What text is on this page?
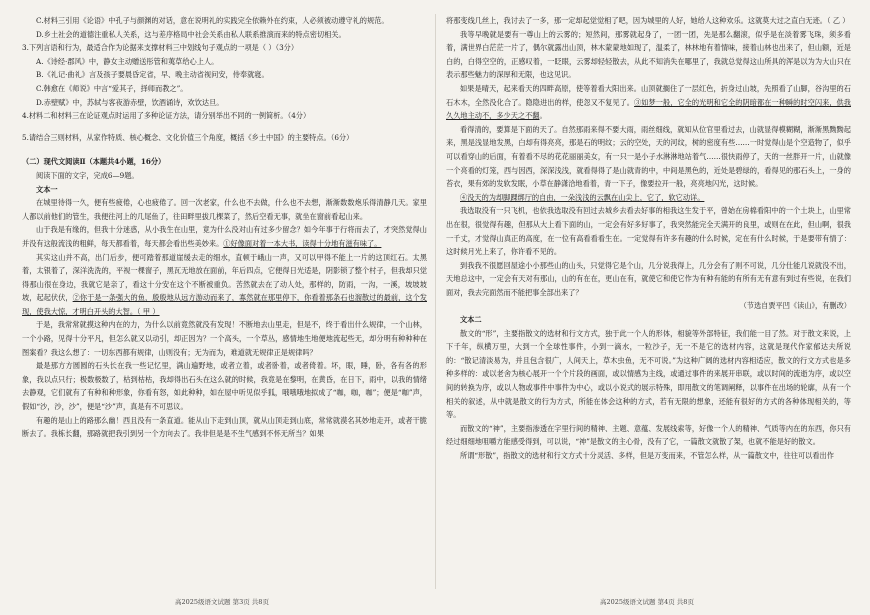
C.材料三引用《论语》中孔子与颜渊的对话，意在说明礼的实践完全依赖外在约束，人必须被动遵守礼的规范。

D.乡土社会的道德注重私人关系，这与差序格局中社会关系由私人联系推演而来的特点密切相关。

3.下列言语和行为，最适合作为论据来支撑材料三中划线句子观点的一项是（ ）（3分）

A.《诗经·郡风》中，静女主动赠送彤管和荑草给心上人。

B.《礼记·曲礼》言及孩子要晨昏定省，早、晚主动省视问安，侍奉就寝。

C.韩愈在《师说》中言“爱其子，择师而教之”。

D.赤壁赋》中，苏轼与客夜游赤壁，饮酒诵诗，欢饮达旦。

4.材料二和材料三在论证观点时运用了多种论证方法，请分别举出不同的一例简析。（4分）

5.请结合三则材料，从家作特质、核心概念、文化价值三个角度，概括《乡土中国》的主要特点。（6分）

（二）现代文阅读Ⅱ（本题共4小题，16分）

阅读下面的文字，完成6—9题。

文本一

在城里待得一久，便有些疲倦，心也疲倦了。回一次老家，什么也不去做，什么也不去想，渐渐数数炮乐得清静几天。家里人都以前他们的管生，我便往河上的几尾鱼了，往田畔里拔几棵菜了，然后空看无事，就坐在窗前看起山来。

山于我是有缘的，但我十分迷惑，从小我生在山里，竟为什么没对山有过多少留念？如今年事于行将而去了，才突然觉得山并没有这般流浅的粗鲜，每天都看着，每天都会看出些美妙来。①好像面对着一本大书，读得十分地有滋有味了。

其实这山并不高，出门后步，便可踏着那道崖缓去走的细水，直顿于峨山一声，又可以甲得不能上一片的这顶红石。太黑着，太银着了，深洋洗洗的，平视一棵窗子，黑瓦无地放在面前，年后四点，它便得日光适是，阴影锁了整个村子，但我却只觉得那山很在身边，我就它是亲了，看这十分安在这个不断被重负。苦然就去在了动人处，那样的，防雨，一沟，一溪，坡坡坡坡，起起伏伏，②你于是一条强大的鱼，殷殷地从远方游动而来了，寡然就在那里停下，你看着那条石也溜散过的最前，这个发现，使我大惊，才明白开头的大智。（ 甲 ）

于是，我常常就摸这种内在的力，为什么以前竟然就没有发现！不断地去山里走，但是不，终于看出什么规律，一个山林，一个小路，见得十分平凡，但怎么就又以动引，却正因为？一个高头，一个草丛，感情地生地便地流起些无，却分明有种种种在图案看？我这么想了：一切东西都有规律，山则没有；无为而为，难道就无规律正是规律吗？

最是那方方圆圆的石头长在我一些记忆里，满山遍野地，或者立着，或者卧着，或者倚着。坏，眼，睡，卧，各有各的形象，我以点只行；极数极数了，枯到枯枯，我却得出石头在这么就的时候，我竟是在黎明，在黄昏，在日下，雨中，以我的情绪去静观，它们就有了有种和种形象，你看有怒，如此种种，如在屋中听见似乎狐，哦哦哦地拟成了“咖，咖，咖”；便是“咖”声，假如“沙，沙，沙”，便是“沙”声，真是有不可思议。

有趣的是山上的路那么幽！西且没有一条直道。能从山下走到山顶，就从山顶走到山底，常常就漠名其妙地走开，或者干脆断去了。我栋长翻，那路就把我引到另一个方向去了。我非但是是不生气感到不怀无所当？如果

将那变线几丝上，我讨去了一多，那一定却起觉觉相了吧，因为城里的人好，她给人这种欢乐。这就莫大过之直白无迹。（ 乙 ）

我等早晚就是要有一尊山上的云雾的；短然间，那雾就起身了，一团一团，先是那么翻滚，似乎是在淡着雾飞珠，须多看着，满世界白茫茫一片了，偶尔就露出山顶，林木蒙蒙地如现了，温柔了，林林地有着情味，接着山林也出来了，但山额，近是白的，白得空空的，正感叹着，一眨眼，云雾却轻轻散去，从此不知消失在哪里了，我就总觉得这山所具的浑是以为为大山只在表示那些魅力的深厚和无限，也这见识。

如果是晴天，起来看天的四畔高原，使等着看大阳出来。山顶就搁住了一层红色，折身过山坡，先照看了山脚，谷沟里的石石木木，全然没化合了。隐隐进出的样，使忽又不复见了。③如梦一般，它全的光明和它全的阴暗都在一种瞬的时空闪来，供我久久地主动不，多少天之不翻。

看得清的，要算是下面的天了。自然那雨来得不要大雨，雨丝细线，就知从位官里看过去，山就显得模糊糊，渐渐黑黝黝起来，黑是浅显地发黑，白却有得亮亮，那是石的明纹；云的空处，天的河纹，树的密度有些……一时觉得山是个空造物了，似乎可以看穿山的后面，有着看不尽的花花丽丽美女，有一只一是小子水淋淋地站着气……很快雨停了，天的一丝胖开一片，山就像一个亮看的灯笼，西与因西，深深浅浅，就看得得了是山就青的中，中间是黑色的，近处是碧绿的，看得见的那石头上，一身的苔衣，果有郊的发软发眠，小草在静潇洽地看着，青一下子，像要拉开一般，亮亮地闪光，这时候。

④没天的为却脚踝绑厅的自由，一朵浅浅的云飘在山尖上，它了，软它动详。

我选取没有一只飞机，也依我选取没有回过去城乡去看去好事的相我这生发于平，曾始在房棉看阳中的一个土块上，山里常出在很，很觉得有趣，但那从大上看下面的山，一定会有好多好事了，我突然能完全天满开的良里，或则在在此，但山啊，很我一千丈，才觉得山真正的高度，在一位有高看看看生在。一定觉得有许多有趣的什么时候，定在有什么时候，于是要带有情了：这时候月光上来了，你许看不见的。

到我我不很愿回屋途小小那些山的山头，只觉得它是个山，几分说我得上，几分会有了则不可说，几分仕能几说就没不出，天地总这中，一定会有天对有那山，山的有在在，更山在有，就使它和使它作为有种有能的有所有无有意有到过有些说，在我们面对，我去完面然而不能把事全部出来了？

（节选自贾平凹《读山》，有删改）

文本二

散文的“形”，主要指散文的选材和行文方式，独于此一个人的形体，相貌等外部特征，我们能一目了然。对于散文来说，上下千年，纵横万里，大到一个全球性事件，小到一滴水，一粒沙子，无一不是它的选材内容，这就是现代作家郁达夫所说的：“散记清淡易为，并且包含很广，人间天上，草木虫鱼，无不可说。”为这种广阔的选材内容相适应，散文的行文方式也是多种多样的：或以老舍为核心展开一个个片段的画面，或以情感为主线，或通过事件的来展开串联，或以时间的流逝为序，或以空间的转换为序，或以人物或事件中事件为中心，或以小说式的展示特殊，即用散文的笔调阐释，以事件在出场的轮廓，从有一个相关的叙述，从中就是散文的行为方式，所能在体会这种的方式，若有无限的想象，还能有很好的方式的各种体现相关的，等等。

而散文的“神”，主要指渗透在字里行间的精神、主题、意蕴、发展线索等，好像一个人的精神、气质等内在的东西，你只有经过细细地咀嚼方能感受得到，可以说，“神”是散文的主心骨，没有了它，一篇散文就散了架，也就不能是好的散文。

所谓“形散”，指散文的选材和行文方式十分灵活、多样，但是万变而来，不管怎么样，从一篇散文中，往往可以看出作

高2025级语文试题 第3页 共8页	高2025级语文试题 第4页 共8页
